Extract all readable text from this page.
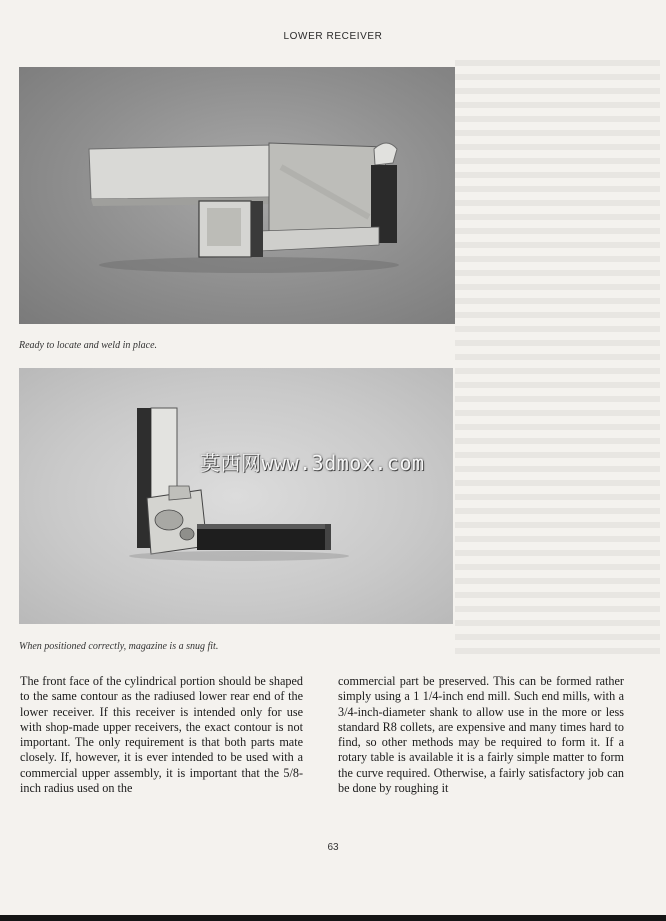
LOWER RECEIVER
Ready to locate and weld in place.
When positioned correctly, magazine is a snug fit.
莫西网www.3dmox.com

The front face of the cylindrical portion should be shaped to the same contour as the radiused lower rear end of the lower receiver. If this receiver is intended only for use with shop-made upper receivers, the exact contour is not important. The only requirement is that both parts mate closely. If, however, it is ever intended to be used with a commercial upper assembly, it is important that the 5/8-inch radius used on the

commercial part be preserved. This can be formed rather simply using a 1 1/4-inch end mill. Such end mills, with a 3/4-inch-diameter shank to allow use in the more or less standard R8 collets, are expensive and many times hard to find, so other methods may be required to form it. If a rotary table is available it is a fairly simple matter to form the curve required. Otherwise, a fairly satisfactory job can be done by roughing it

63
